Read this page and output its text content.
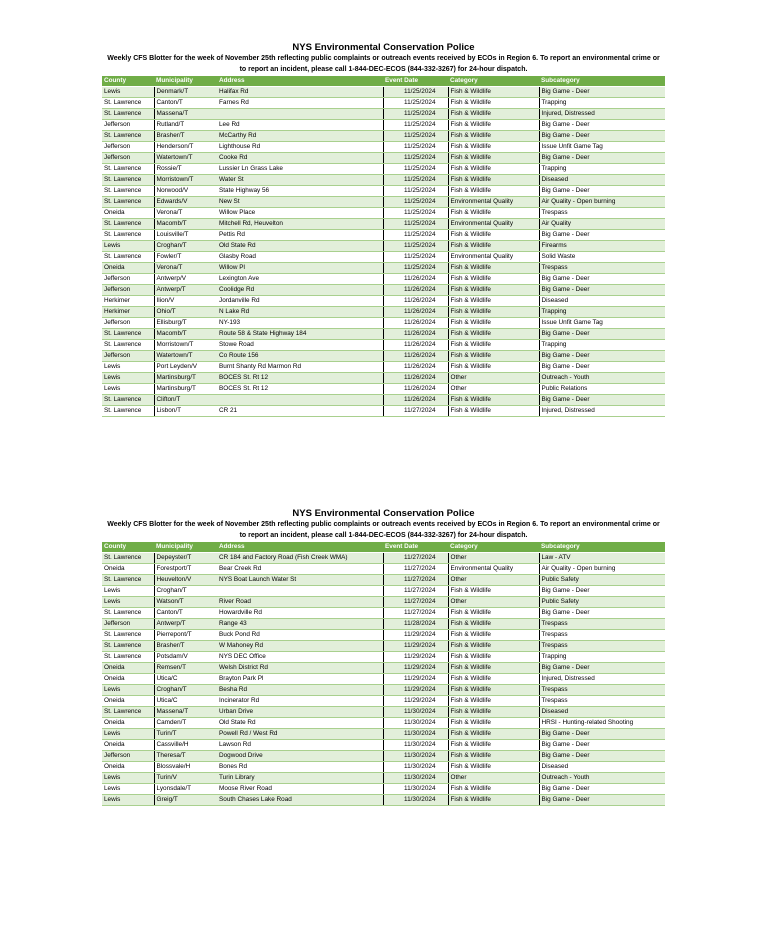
NYS Environmental Conservation Police

Weekly CFS Blotter for the week of November 25th reflecting public complaints or outreach events received by ECOs in Region 6. To report an environmental crime or to report an incident, please call 1-844-DEC-ECOS (844-332-3267) for 24-hour dispatch.

County	Municipality	Address	Event Date	Category	Subcategory
Lewis	Denmark/T	Halifax Rd	11/25/2024	Fish & Wildlife	Big Game - Deer
St. Lawrence	Canton/T	Farnes Rd	11/25/2024	Fish & Wildlife	Trapping
St. Lawrence	Massena/T		11/25/2024	Fish & Wildlife	Injured, Distressed
Jefferson	Rutland/T	Lee Rd	11/25/2024	Fish & Wildlife	Big Game - Deer
St. Lawrence	Brasher/T	McCarthy Rd	11/25/2024	Fish & Wildlife	Big Game - Deer
Jefferson	Henderson/T	Lighthouse Rd	11/25/2024	Fish & Wildlife	Issue Unfit Game Tag
Jefferson	Watertown/T	Cooke Rd	11/25/2024	Fish & Wildlife	Big Game - Deer
St. Lawrence	Rossie/T	Lussier Ln Grass Lake	11/25/2024	Fish & Wildlife	Trapping
St. Lawrence	Morristown/T	Water St	11/25/2024	Fish & Wildlife	Diseased
St. Lawrence	Norwood/V	State Highway 56	11/25/2024	Fish & Wildlife	Big Game - Deer
St. Lawrence	Edwards/V	New St	11/25/2024	Environmental Quality	Air Quality - Open burning
Oneida	Verona/T	Willow Place	11/25/2024	Fish & Wildlife	Trespass
St. Lawrence	Macomb/T	Mitchell Rd, Heuvelton	11/25/2024	Environmental Quality	Air Quality
St. Lawrence	Louisville/T	Pettis Rd	11/25/2024	Fish & Wildlife	Big Game - Deer
Lewis	Croghan/T	Old State Rd	11/25/2024	Fish & Wildlife	Firearms
St. Lawrence	Fowler/T	Glasby Road	11/25/2024	Environmental Quality	Solid Waste
Oneida	Verona/T	Willow Pl	11/25/2024	Fish & Wildlife	Trespass
Jefferson	Antwerp/V	Lexington Ave	11/26/2024	Fish & Wildlife	Big Game - Deer
Jefferson	Antwerp/T	Coolidge Rd	11/26/2024	Fish & Wildlife	Big Game - Deer
Herkimer	Ilion/V	Jordanville Rd	11/26/2024	Fish & Wildlife	Diseased
Herkimer	Ohio/T	N Lake Rd	11/26/2024	Fish & Wildlife	Trapping
Jefferson	Ellisburg/T	NY-193	11/26/2024	Fish & Wildlife	Issue Unfit Game Tag
St. Lawrence	Macomb/T	Route 58 & State Highway 184	11/26/2024	Fish & Wildlife	Big Game - Deer
St. Lawrence	Morristown/T	Stowe Road	11/26/2024	Fish & Wildlife	Trapping
Jefferson	Watertown/T	Co Route 156	11/26/2024	Fish & Wildlife	Big Game - Deer
Lewis	Port Leyden/V	Burnt Shanty Rd Marmon Rd	11/26/2024	Fish & Wildlife	Big Game - Deer
Lewis	Martinsburg/T	BOCES St. Rt 12	11/26/2024	Other	Outreach - Youth
Lewis	Martinsburg/T	BOCES St. Rt 12	11/26/2024	Other	Public Relations
St. Lawrence	Clifton/T		11/26/2024	Fish & Wildlife	Big Game - Deer
St. Lawrence	Lisbon/T	CR 21	11/27/2024	Fish & Wildlife	Injured, Distressed

NYS Environmental Conservation Police

Weekly CFS Blotter for the week of November 25th reflecting public complaints or outreach events received by ECOs in Region 6. To report an environmental crime or to report an incident, please call 1-844-DEC-ECOS (844-332-3267) for 24-hour dispatch.

County	Municipality	Address	Event Date	Category	Subcategory
St. Lawrence	Depeyster/T	CR 184 and Factory Road (Fish Creek WMA)	11/27/2024	Other	Law - ATV
Oneida	Forestport/T	Bear Creek Rd	11/27/2024	Environmental Quality	Air Quality - Open burning
St. Lawrence	Heuvelton/V	NYS Boat Launch Water St	11/27/2024	Other	Public Safety
Lewis	Croghan/T		11/27/2024	Fish & Wildlife	Big Game - Deer
Lewis	Watson/T	River Road	11/27/2024	Other	Public Safety
St. Lawrence	Canton/T	Howardville Rd	11/27/2024	Fish & Wildlife	Big Game - Deer
Jefferson	Antwerp/T	Range 43	11/28/2024	Fish & Wildlife	Trespass
St. Lawrence	Pierrepont/T	Buck Pond Rd	11/29/2024	Fish & Wildlife	Trespass
St. Lawrence	Brasher/T	W Mahoney Rd	11/29/2024	Fish & Wildlife	Trespass
St. Lawrence	Potsdam/V	NYS DEC Office	11/29/2024	Fish & Wildlife	Trapping
Oneida	Remsen/T	Welsh District Rd	11/29/2024	Fish & Wildlife	Big Game - Deer
Oneida	Utica/C	Brayton Park Pl	11/29/2024	Fish & Wildlife	Injured, Distressed
Lewis	Croghan/T	Besha Rd	11/29/2024	Fish & Wildlife	Trespass
Oneida	Utica/C	Incinerator Rd	11/29/2024	Fish & Wildlife	Trespass
St. Lawrence	Massena/T	Urban Drive	11/30/2024	Fish & Wildlife	Diseased
Oneida	Camden/T	Old State Rd	11/30/2024	Fish & Wildlife	HRSI - Hunting-related Shooting
Lewis	Turin/T	Powell Rd / West Rd	11/30/2024	Fish & Wildlife	Big Game - Deer
Oneida	Cassville/H	Lawson Rd	11/30/2024	Fish & Wildlife	Big Game - Deer
Jefferson	Theresa/T	Dogwood Drive	11/30/2024	Fish & Wildlife	Big Game - Deer
Oneida	Blossvale/H	Bones Rd	11/30/2024	Fish & Wildlife	Diseased
Lewis	Turin/V	Turin Library	11/30/2024	Other	Outreach - Youth
Lewis	Lyonsdale/T	Moose River Road	11/30/2024	Fish & Wildlife	Big Game - Deer
Lewis	Greig/T	South Chases Lake Road	11/30/2024	Fish & Wildlife	Big Game - Deer
